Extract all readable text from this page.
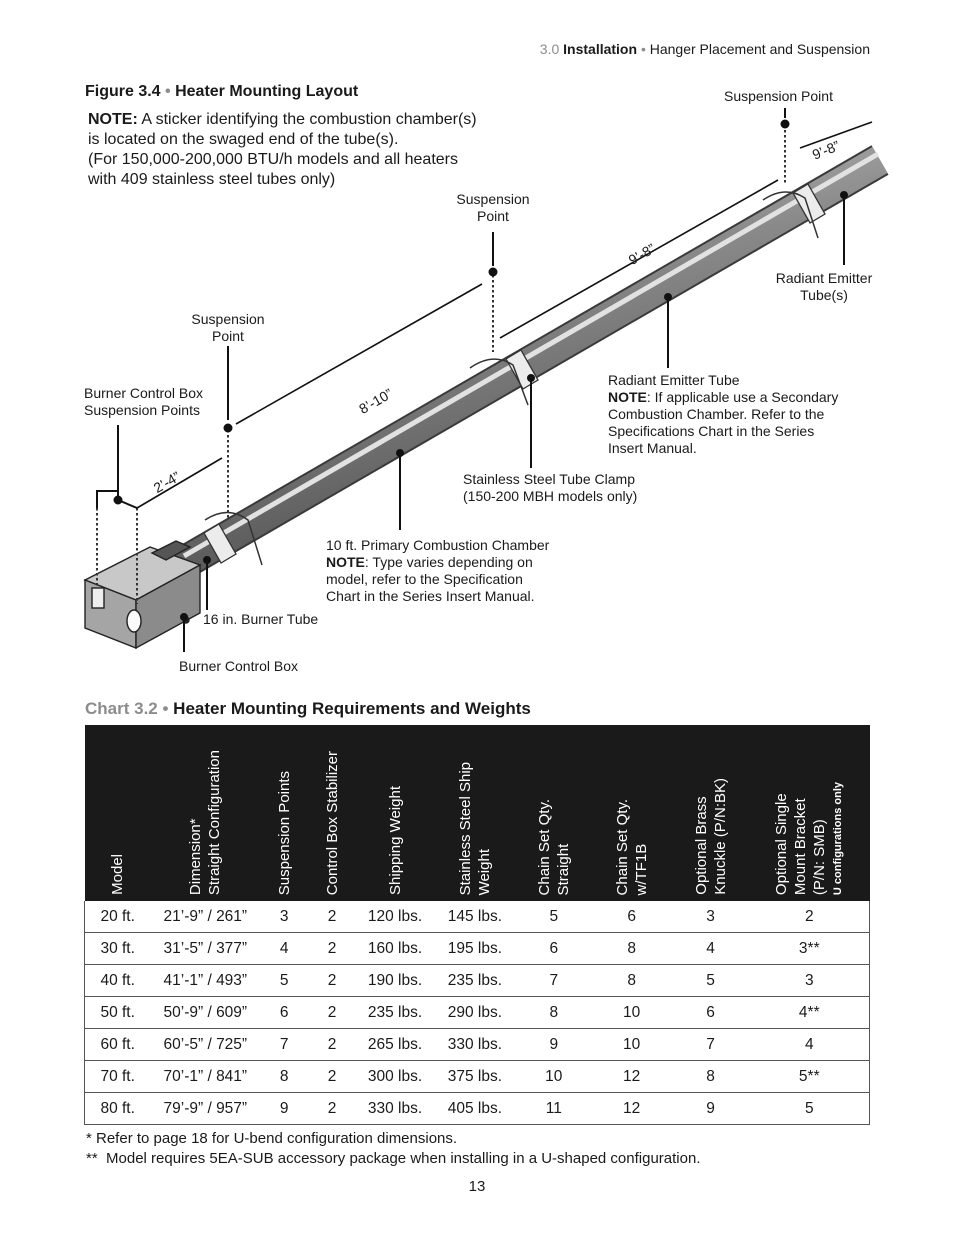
3.0 Installation • Hanger Placement and Suspension
Figure 3.4 • Heater Mounting Layout
NOTE: A sticker identifying the combustion chamber(s)
is located on the swaged end of the tube(s).
(For 150,000-200,000 BTU/h models and all heaters
with 409 stainless steel tubes only)
Suspension Point
Suspension
Point
Suspension
Point
Burner Control Box
Suspension Points
Radiant Emitter
Tube(s)
Radiant Emitter Tube
NOTE: If applicable use a Secondary
Combustion Chamber. Refer to the
Specifications Chart in the Series
Insert Manual.
Stainless Steel Tube Clamp
(150-200 MBH models only)
10 ft. Primary Combustion Chamber
NOTE: Type varies depending on
model, refer to the Specification
Chart in the Series Insert Manual.
16 in. Burner Tube
Burner Control Box
2’-4”
8’-10”
9’-8”
9’-8”
Chart 3.2 • Heater Mounting Requirements and Weights
Model	Dimension* Straight Configuration	Suspension Points	Control Box Stabilizer	Shipping Weight	Stainless Steel Ship Weight	Chain Set Qty. Straight	Chain Set Qty. w/TF1B	Optional Brass Knuckle (P/N:BK)	Optional Single Mount Bracket (P/N: SMB) U configurations only

20 ft.	21’-9” / 261”	3	2	120 lbs.	145 lbs.	5	6	3	2
30 ft.	31’-5” / 377”	4	2	160 lbs.	195 lbs.	6	8	4	3**
40 ft.	41’-1” / 493”	5	2	190 lbs.	235 lbs.	7	8	5	3
50 ft.	50’-9” / 609”	6	2	235 lbs.	290 lbs.	8	10	6	4**
60 ft.	60’-5” / 725”	7	2	265 lbs.	330 lbs.	9	10	7	4
70 ft.	70’-1” / 841”	8	2	300 lbs.	375 lbs.	10	12	8	5**
80 ft.	79’-9” / 957”	9	2	330 lbs.	405 lbs.	11	12	9	5
* Refer to page 18 for U-bend configuration dimensions.
**  Model requires 5EA-SUB accessory package when installing in a U-shaped configuration.
13
